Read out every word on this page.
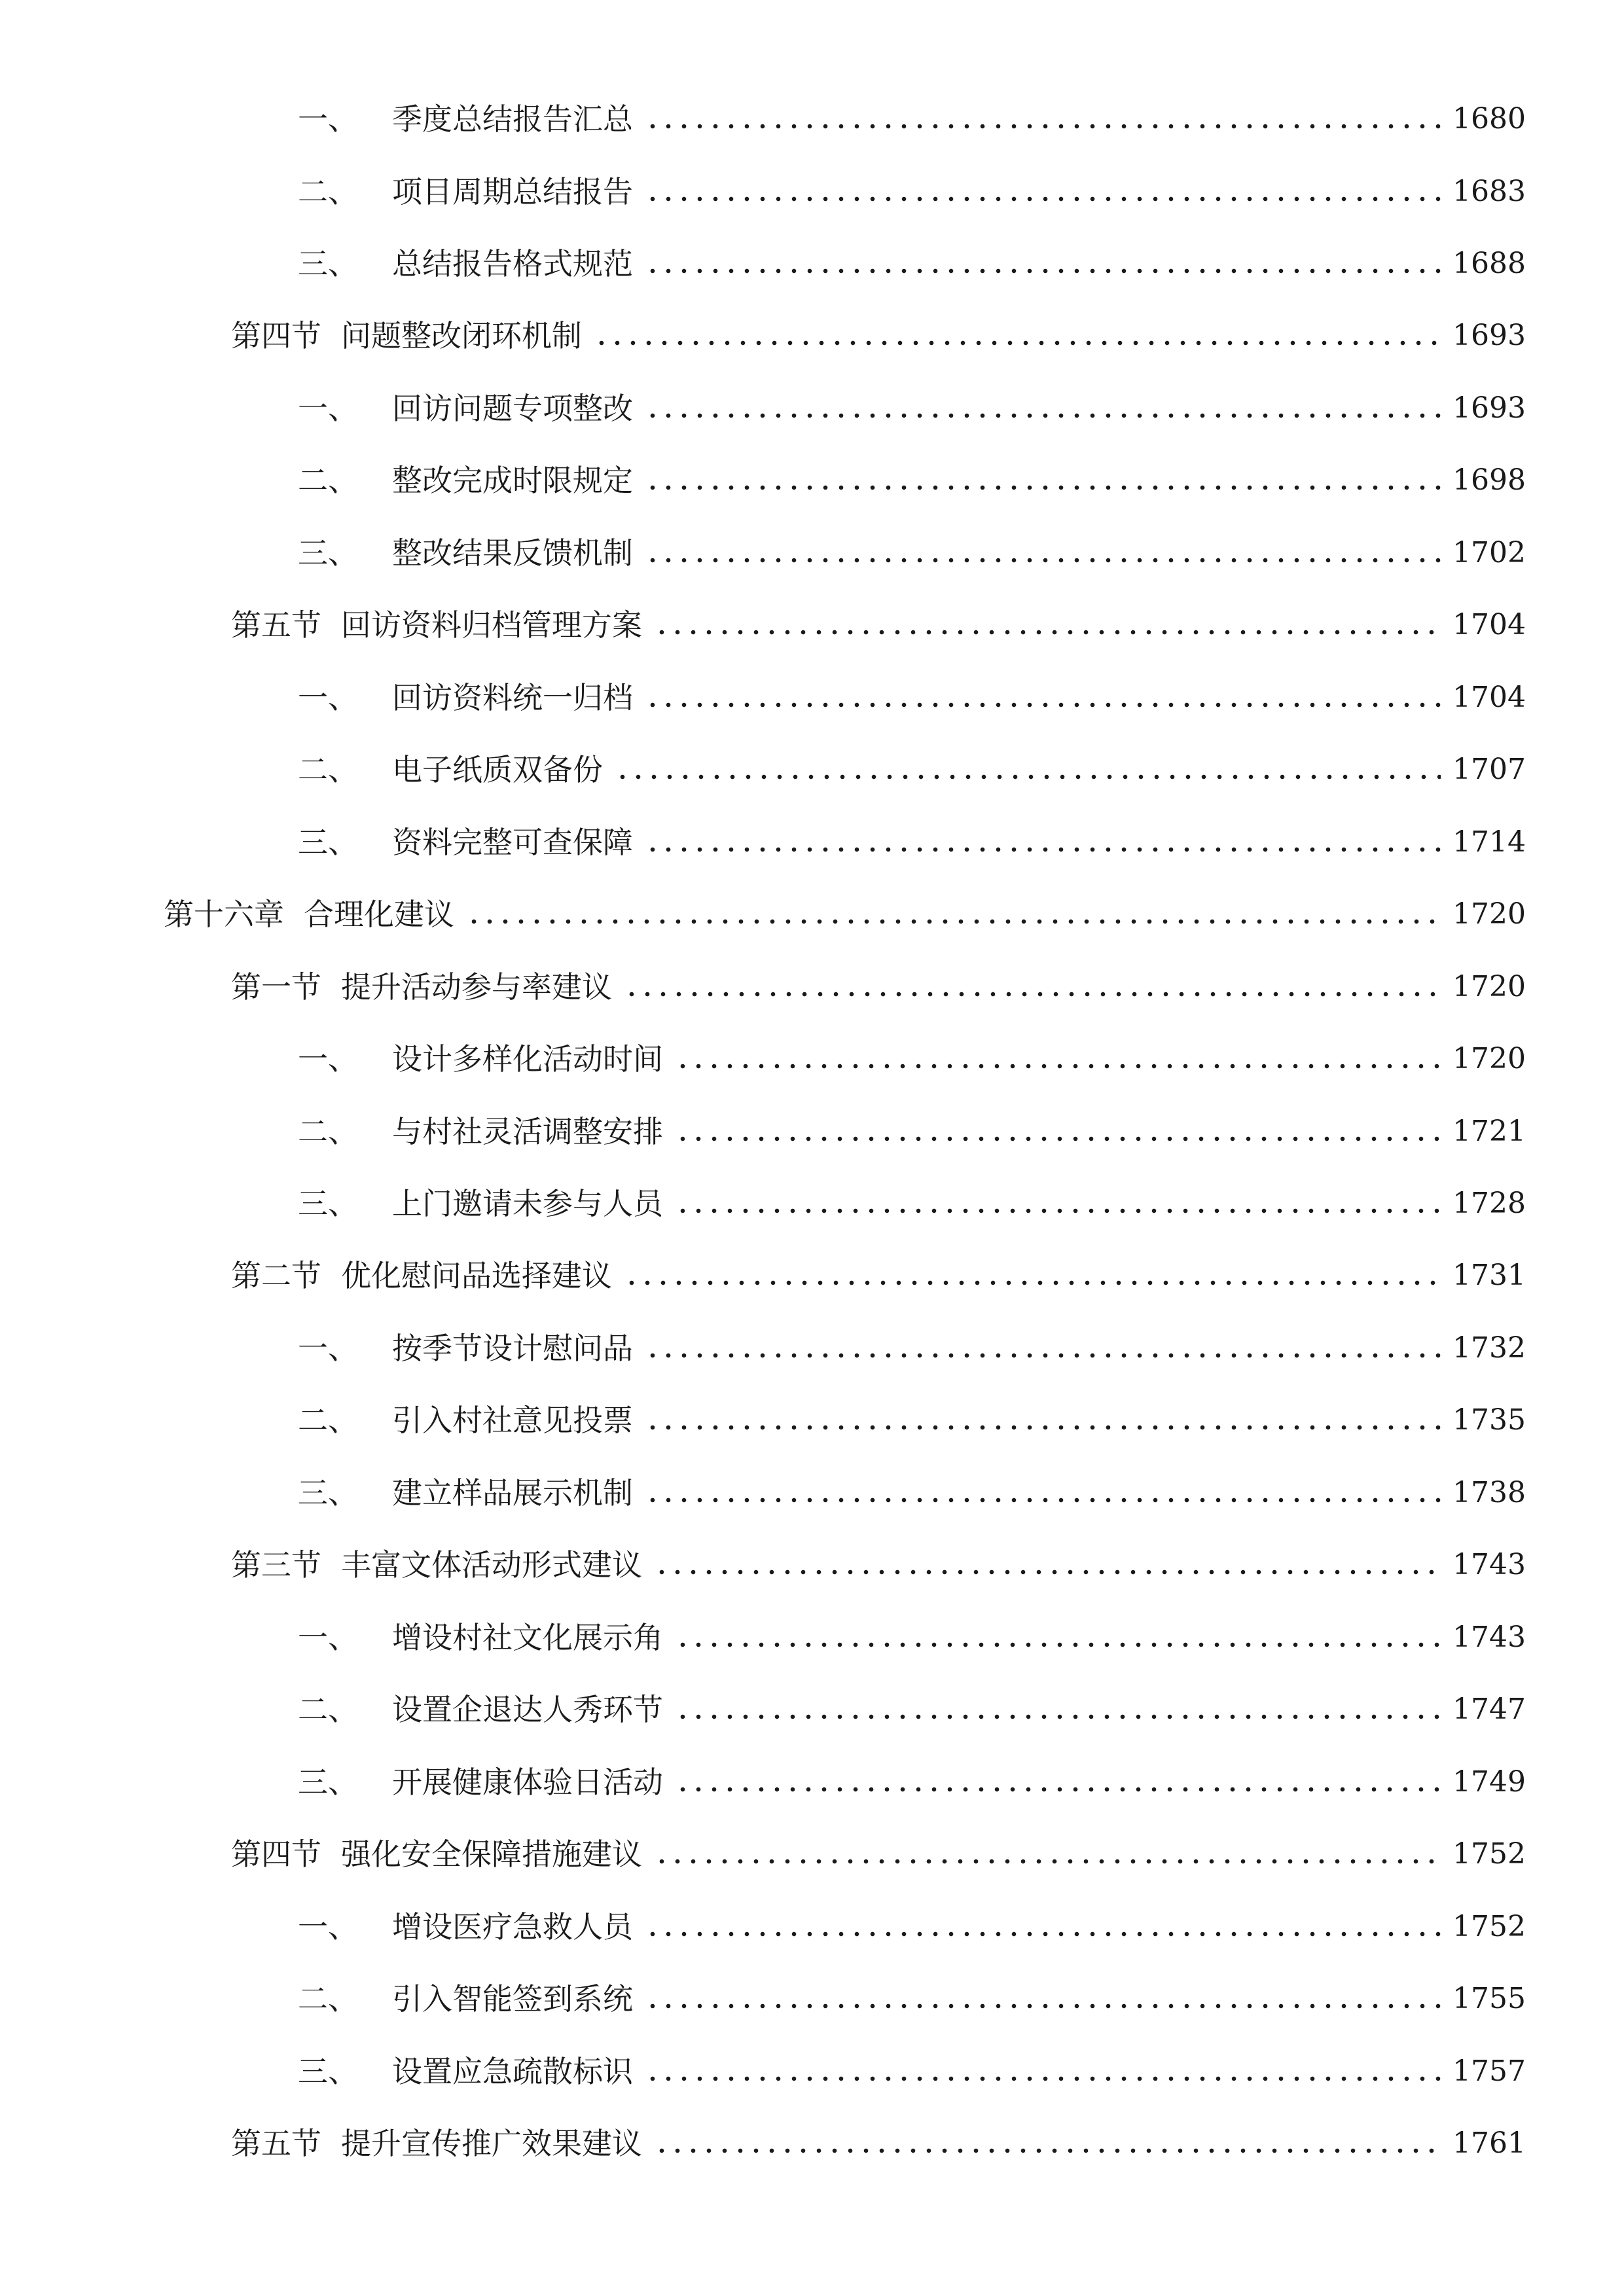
一、 季度总结报告汇总	1680
二、 项目周期总结报告	1683
三、 总结报告格式规范	1688
第四节 问题整改闭环机制	1693
一、 回访问题专项整改	1693
二、 整改完成时限规定	1698
三、 整改结果反馈机制	1702
第五节 回访资料归档管理方案	1704
一、 回访资料统一归档	1704
二、 电子纸质双备份	1707
三、 资料完整可查保障	1714
第十六章 合理化建议	1720
第一节 提升活动参与率建议	1720
一、 设计多样化活动时间	1720
二、 与村社灵活调整安排	1721
三、 上门邀请未参与人员	1728
第二节 优化慰问品选择建议	1731
一、 按季节设计慰问品	1732
二、 引入村社意见投票	1735
三、 建立样品展示机制	1738
第三节 丰富文体活动形式建议	1743
一、 增设村社文化展示角	1743
二、 设置企退达人秀环节	1747
三、 开展健康体验日活动	1749
第四节 强化安全保障措施建议	1752
一、 增设医疗急救人员	1752
二、 引入智能签到系统	1755
三、 设置应急疏散标识	1757
第五节 提升宣传推广效果建议	1761
